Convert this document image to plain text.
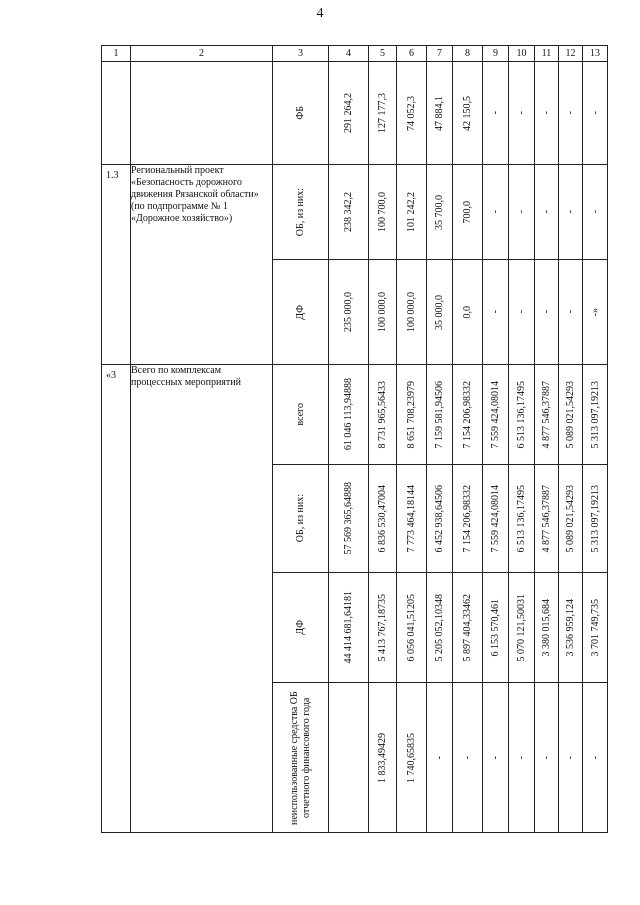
4
1	2	3	4	5	6	7	8	9	10	11	12	13

		ФБ	291 264,2	127 177,3	74 052,3	47 884,1	42 150,5	-	-	-	-	-

1.3	Региональный проект «Безопасность дорожного движения Рязанской области» (по подпрограмме № 1 «Дорожное хозяйство»)	ОБ, из них:	238 342,2	100 700,0	101 242,2	35 700,0	700,0	-	-	-	-	-

		ДФ	235 000,0	100 000,0	100 000,0	35 000,0	0,0	-	-	-	-	-»

«3	Всего по комплексам процессных мероприятий	всего	61 046 113,94888	8 731 965,56433	8 651 708,23979	7 159 581,94506	7 154 206,98332	7 559 424,08014	6 513 136,17495	4 877 546,37887	5 089 021,54293	5 313 097,19213

		ОБ, из них:	57 569 365,64888	6 836 530,47004	7 773 464,18144	6 452 938,64506	7 154 206,98332	7 559 424,08014	6 513 136,17495	4 877 546,37887	5 089 021,54293	5 313 097,19213

		ДФ	44 414 681,64181	5 413 767,18735	6 056 041,51205	5 205 052,10348	5 897 404,33462	6 153 570,461	5 070 121,50031	3 380 015,684	3 536 959,124	3 701 749,735

		неиспользованные средства ОБ отчетного финансового года		1 833,49429	1 740,65835	-	-	-	-	-	-	-
